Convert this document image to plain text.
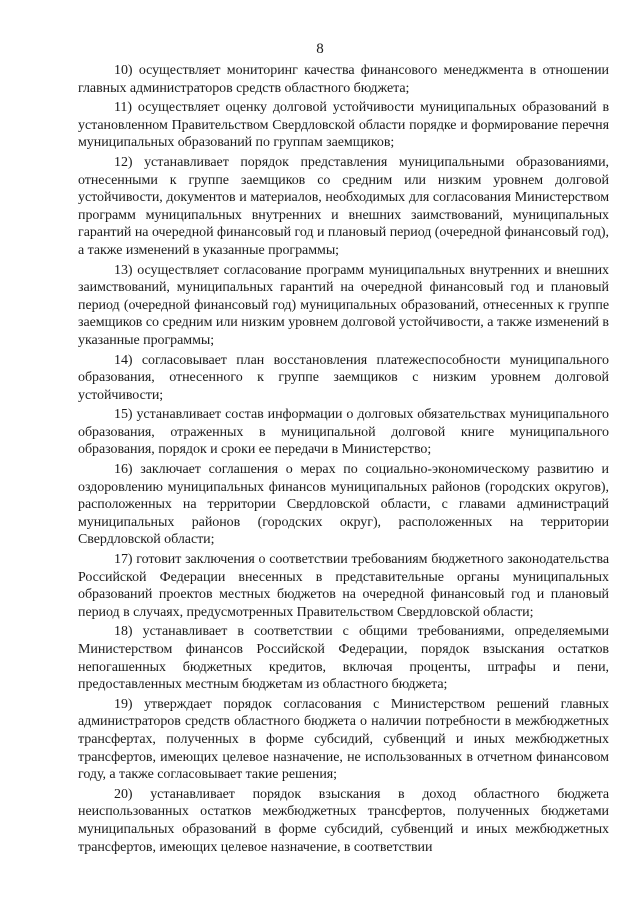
8

10) осуществляет мониторинг качества финансового менеджмента в отношении главных администраторов средств областного бюджета;

11) осуществляет оценку долговой устойчивости муниципальных образований в установленном Правительством Свердловской области порядке и формирование перечня муниципальных образований по группам заемщиков;

12) устанавливает порядок представления муниципальными образованиями, отнесенными к группе заемщиков со средним или низким уровнем долговой устойчивости, документов и материалов, необходимых для согласования Министерством программ муниципальных внутренних и внешних заимствований, муниципальных гарантий на очередной финансовый год и плановый период (очередной финансовый год), а также изменений в указанные программы;

13) осуществляет согласование программ муниципальных внутренних и внешних заимствований, муниципальных гарантий на очередной финансовый год и плановый период (очередной финансовый год) муниципальных образований, отнесенных к группе заемщиков со средним или низким уровнем долговой устойчивости, а также изменений в указанные программы;

14) согласовывает план восстановления платежеспособности муниципального образования, отнесенного к группе заемщиков с низким уровнем долговой устойчивости;

15) устанавливает состав информации о долговых обязательствах муниципального образования, отраженных в муниципальной долговой книге муниципального образования, порядок и сроки ее передачи в Министерство;

16) заключает соглашения о мерах по социально-экономическому развитию и оздоровлению муниципальных финансов муниципальных районов (городских округов), расположенных на территории Свердловской области, с главами администраций муниципальных районов (городских округ), расположенных на территории Свердловской области;

17) готовит заключения о соответствии требованиям бюджетного законодательства Российской Федерации внесенных в представительные органы муниципальных образований проектов местных бюджетов на очередной финансовый год и плановый период в случаях, предусмотренных Правительством Свердловской области;

18) устанавливает в соответствии с общими требованиями, определяемыми Министерством финансов Российской Федерации, порядок взыскания остатков непогашенных бюджетных кредитов, включая проценты, штрафы и пени, предоставленных местным бюджетам из областного бюджета;

19) утверждает порядок согласования с Министерством решений главных администраторов средств областного бюджета о наличии потребности в межбюджетных трансфертах, полученных в форме субсидий, субвенций и иных межбюджетных трансфертов, имеющих целевое назначение, не использованных в отчетном финансовом году, а также согласовывает такие решения;

20) устанавливает порядок взыскания в доход областного бюджета неиспользованных остатков межбюджетных трансфертов, полученных бюджетами муниципальных образований в форме субсидий, субвенций и иных межбюджетных трансфертов, имеющих целевое назначение, в соответствии
